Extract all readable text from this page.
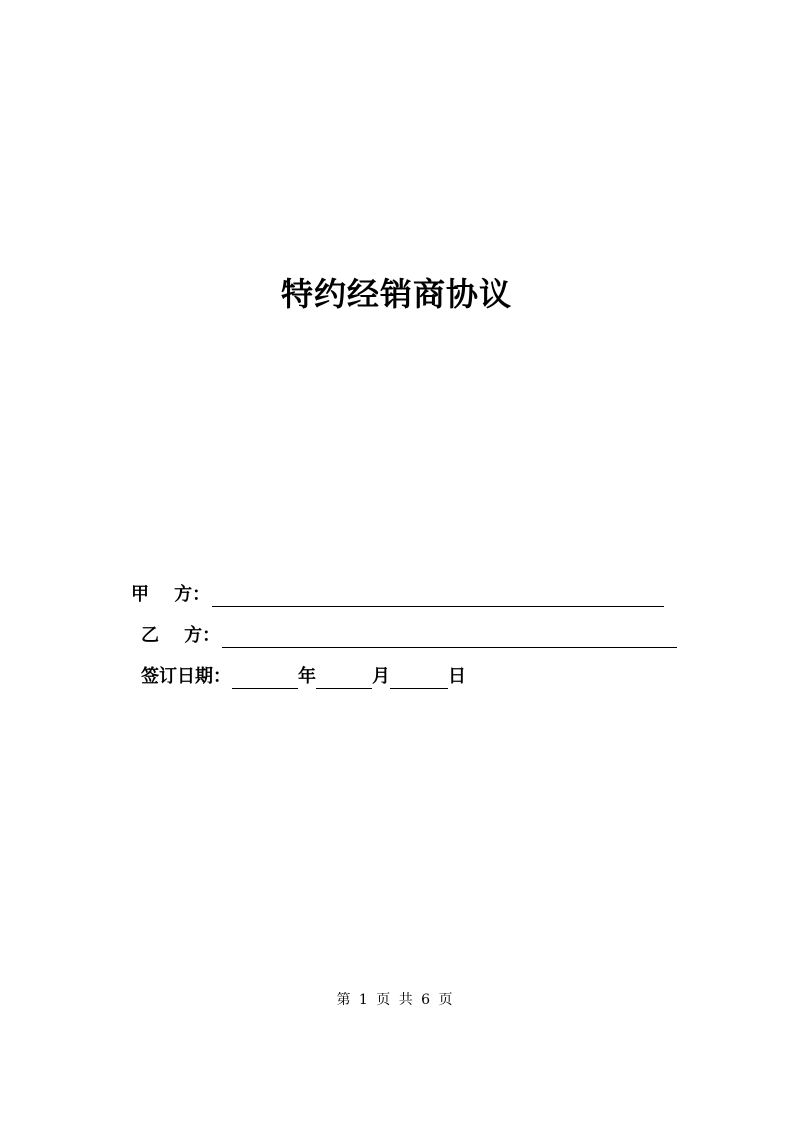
特约经销商协议
甲    方 ：
乙    方 ：
签订日期 ：	年	月	日
第 1 页 共 6 页
